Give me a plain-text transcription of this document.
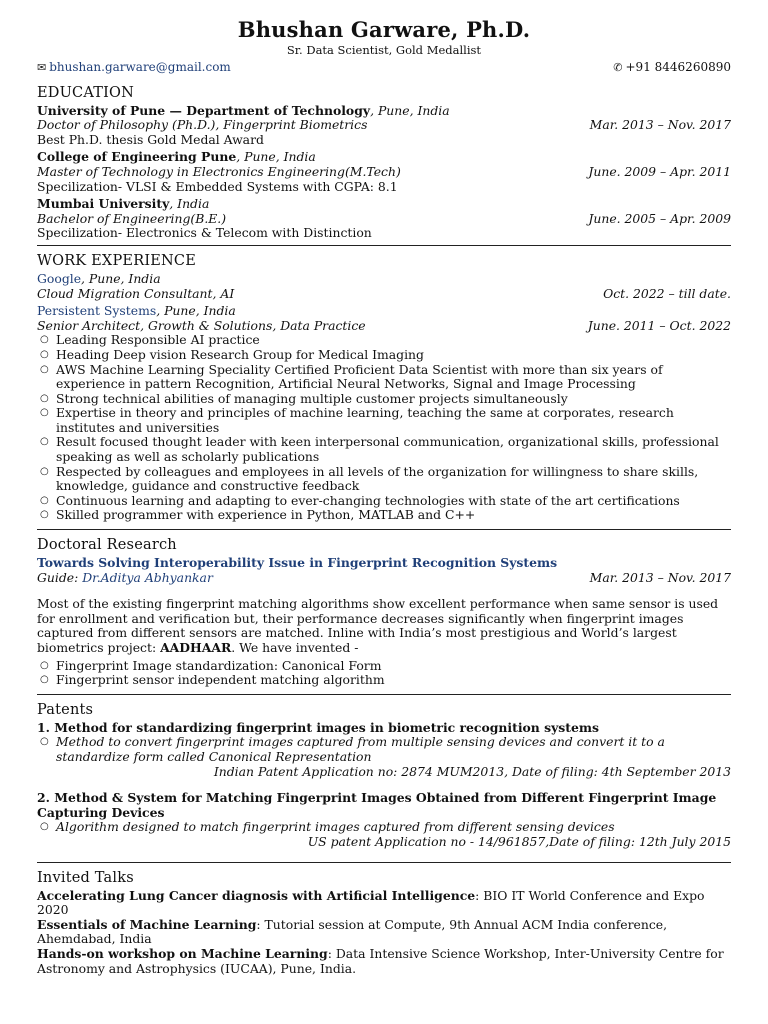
Bhushan Garware, Ph.D.
Sr. Data Scientist, Gold Medallist
✉ bhushan.garware@gmail.com	✆ +91 8446260890
EDUCATION
University of Pune — Department of Technology, Pune, India
Doctor of Philosophy (Ph.D.), Fingerprint Biometrics	Mar. 2013 – Nov. 2017
Best Ph.D. thesis Gold Medal Award
College of Engineering Pune, Pune, India
Master of Technology in Electronics Engineering(M.Tech)	June. 2009 – Apr. 2011
Specilization- VLSI & Embedded Systems with CGPA: 8.1
Mumbai University, India
Bachelor of Engineering(B.E.)	June. 2005 – Apr. 2009
Specilization- Electronics & Telecom with Distinction
WORK EXPERIENCE
Google, Pune, India
Cloud Migration Consultant, AI	Oct. 2022 – till date.
Persistent Systems, Pune, India
Senior Architect, Growth & Solutions, Data Practice	June. 2011 – Oct. 2022
○ Leading Responsible AI practice
○ Heading Deep vision Research Group for Medical Imaging
○ AWS Machine Learning Speciality Certified Proficient Data Scientist with more than six years of experience in pattern Recognition, Artificial Neural Networks, Signal and Image Processing
○ Strong technical abilities of managing multiple customer projects simultaneously
○ Expertise in theory and principles of machine learning, teaching the same at corporates, research institutes and universities
○ Result focused thought leader with keen interpersonal communication, organizational skills, professional speaking as well as scholarly publications
○ Respected by colleagues and employees in all levels of the organization for willingness to share skills, knowledge, guidance and constructive feedback
○ Continuous learning and adapting to ever-changing technologies with state of the art certifications
○ Skilled programmer with experience in Python, MATLAB and C++
Doctoral Research
Towards Solving Interoperability Issue in Fingerprint Recognition Systems
Guide: Dr.Aditya Abhyankar	Mar. 2013 – Nov. 2017
Most of the existing fingerprint matching algorithms show excellent performance when same sensor is used for enrollment and verification but, their performance decreases significantly when fingerprint images captured from different sensors are matched. Inline with India’s most prestigious and World’s largest biometrics project: AADHAAR. We have invented -
○ Fingerprint Image standardization: Canonical Form
○ Fingerprint sensor independent matching algorithm
Patents
1. Method for standardizing fingerprint images in biometric recognition systems
○ Method to convert fingerprint images captured from multiple sensing devices and convert it to a standardize form called Canonical Representation
Indian Patent Application no: 2874 MUM2013, Date of filing: 4th September 2013
2. Method & System for Matching Fingerprint Images Obtained from Different Fingerprint Image Capturing Devices
○ Algorithm designed to match fingerprint images captured from different sensing devices
US patent Application no - 14/961857,Date of filing: 12th July 2015
Invited Talks
Accelerating Lung Cancer diagnosis with Artificial Intelligence: BIO IT World Conference and Expo 2020
Essentials of Machine Learning: Tutorial session at Compute, 9th Annual ACM India conference, Ahemdabad, India
Hands-on workshop on Machine Learning: Data Intensive Science Workshop, Inter-University Centre for Astronomy and Astrophysics (IUCAA), Pune, India.
